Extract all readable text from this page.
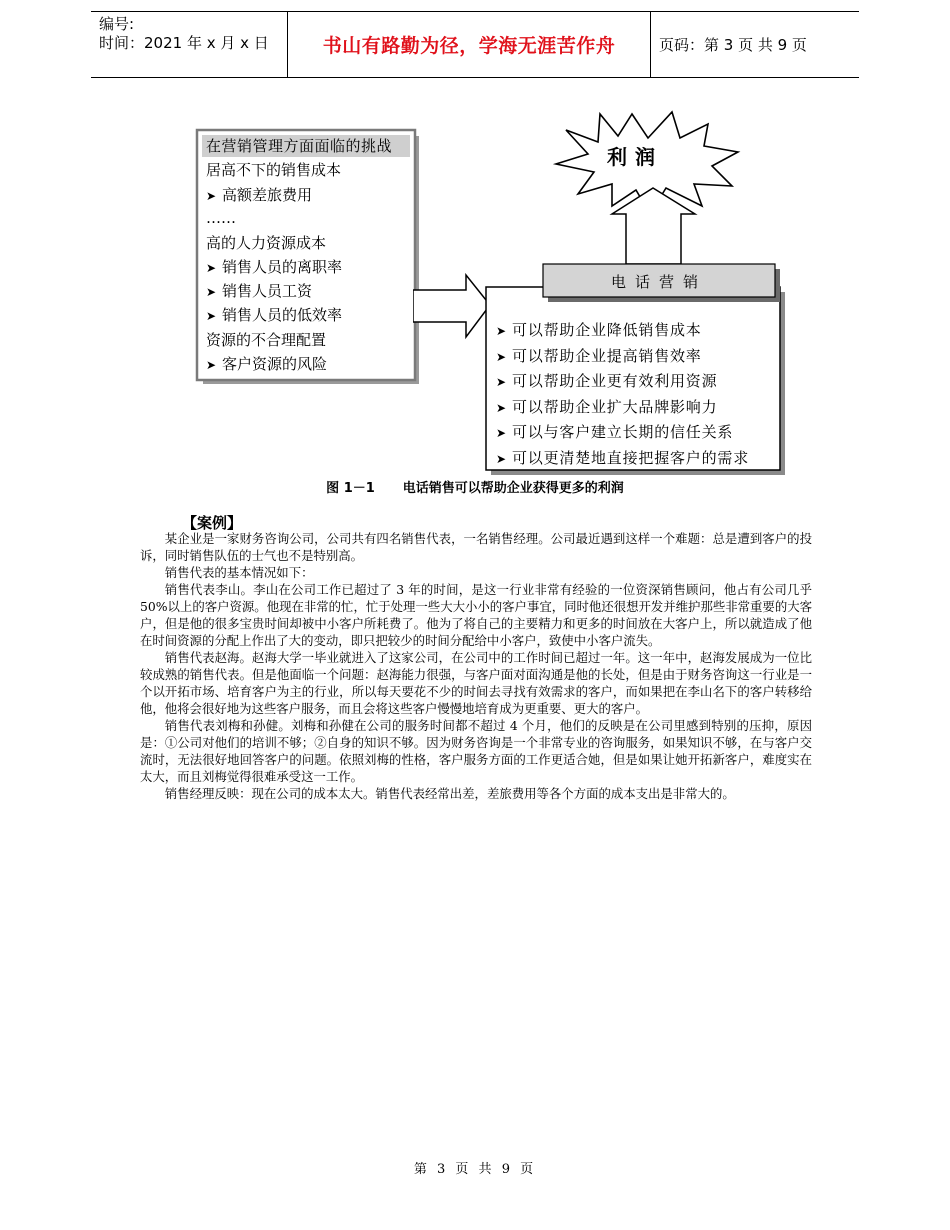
编号:
时间：2021 年 x 月 x 日	书山有路勤为径，学海无涯苦作舟	页码：第 3 页 共 9 页
在营销管理方面面临的挑战
居高不下的销售成本
➤ 高额差旅费用
……
高的人力资源成本
➤ 销售人员的离职率
➤ 销售人员工资
➤ 销售人员的低效率
资源的不合理配置
➤ 客户资源的风险
利润
电话营销
➤ 可以帮助企业降低销售成本
➤ 可以帮助企业提高销售效率
➤ 可以帮助企业更有效利用资源
➤ 可以帮助企业扩大品牌影响力
➤ 可以与客户建立长期的信任关系
➤ 可以更清楚地直接把握客户的需求
图 1－1 电话销售可以帮助企业获得更多的利润
【案例】

某企业是一家财务咨询公司，公司共有四名销售代表，一名销售经理。公司最近遇到这样一个难题：总是遭到客户的投诉，同时销售队伍的士气也不是特别高。

销售代表的基本情况如下：

销售代表李山。李山在公司工作已超过了 3 年的时间，是这一行业非常有经验的一位资深销售顾问，他占有公司几乎 50%以上的客户资源。他现在非常的忙，忙于处理一些大大小小的客户事宜，同时他还很想开发并维护那些非常重要的大客户，但是他的很多宝贵时间却被中小客户所耗费了。他为了将自己的主要精力和更多的时间放在大客户上，所以就造成了他在时间资源的分配上作出了大的变动，即只把较少的时间分配给中小客户，致使中小客户流失。

销售代表赵海。赵海大学一毕业就进入了这家公司，在公司中的工作时间已超过一年。这一年中，赵海发展成为一位比较成熟的销售代表。但是他面临一个问题：赵海能力很强，与客户面对面沟通是他的长处，但是由于财务咨询这一行业是一个以开拓市场、培育客户为主的行业，所以每天要花不少的时间去寻找有效需求的客户，而如果把在李山名下的客户转移给他，他将会很好地为这些客户服务，而且会将这些客户慢慢地培育成为更重要、更大的客户。

销售代表刘梅和孙健。刘梅和孙健在公司的服务时间都不超过 4 个月，他们的反映是在公司里感到特别的压抑，原因是：①公司对他们的培训不够；②自身的知识不够。因为财务咨询是一个非常专业的咨询服务，如果知识不够，在与客户交流时，无法很好地回答客户的问题。依照刘梅的性格，客户服务方面的工作更适合她，但是如果让她开拓新客户，难度实在太大，而且刘梅觉得很难承受这一工作。

销售经理反映：现在公司的成本太大。销售代表经常出差，差旅费用等各个方面的成本支出是非常大的。

第 3 页 共 9 页
